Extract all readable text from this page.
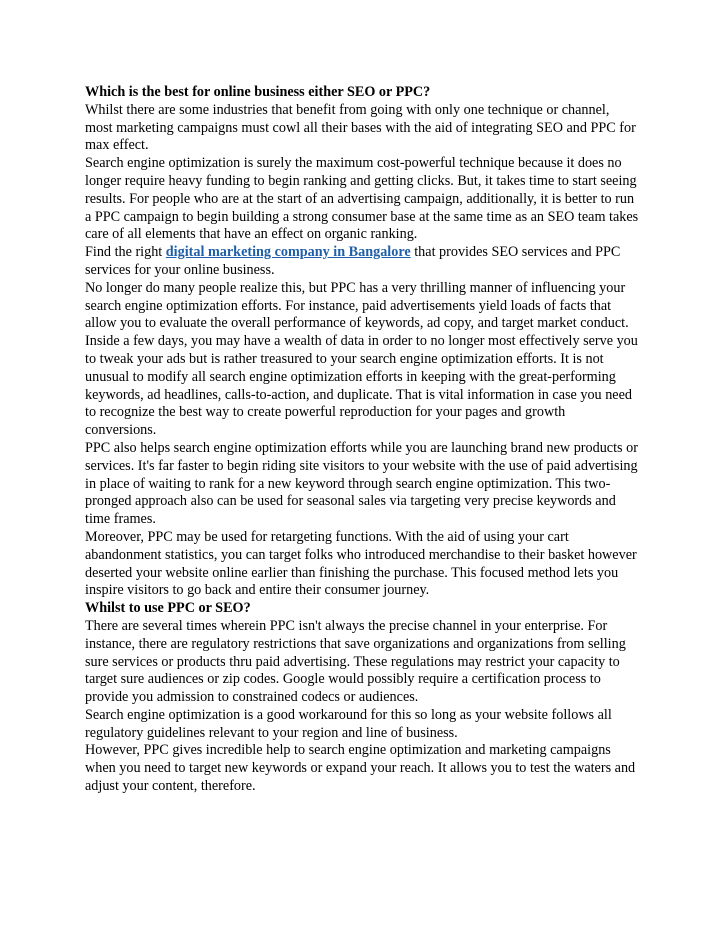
Which is the best for online business either SEO or PPC?

Whilst there are some industries that benefit from going with only one technique or channel, most marketing campaigns must cowl all their bases with the aid of integrating SEO and PPC for max effect.

Search engine optimization is surely the maximum cost-powerful technique because it does no longer require heavy funding to begin ranking and getting clicks. But, it takes time to start seeing results. For people who are at the start of an advertising campaign, additionally, it is better to run a PPC campaign to begin building a strong consumer base at the same time as an SEO team takes care of all elements that have an effect on organic ranking.

Find the right digital marketing company in Bangalore that provides SEO services and PPC services for your online business.

No longer do many people realize this, but PPC has a very thrilling manner of influencing your search engine optimization efforts. For instance, paid advertisements yield loads of facts that allow you to evaluate the overall performance of keywords, ad copy, and target market conduct. Inside a few days, you may have a wealth of data in order to no longer most effectively serve you to tweak your ads but is rather treasured to your search engine optimization efforts. It is not unusual to modify all search engine optimization efforts in keeping with the great-performing keywords, ad headlines, calls-to-action, and duplicate. That is vital information in case you need to recognize the best way to create powerful reproduction for your pages and growth conversions.

PPC also helps search engine optimization efforts while you are launching brand new products or services. It's far faster to begin riding site visitors to your website with the use of paid advertising in place of waiting to rank for a new keyword through search engine optimization. This two-pronged approach also can be used for seasonal sales via targeting very precise keywords and time frames.

Moreover, PPC may be used for retargeting functions. With the aid of using your cart abandonment statistics, you can target folks who introduced merchandise to their basket however deserted your website online earlier than finishing the purchase. This focused method lets you inspire visitors to go back and entire their consumer journey.

Whilst to use PPC or SEO?

There are several times wherein PPC isn't always the precise channel in your enterprise. For instance, there are regulatory restrictions that save organizations and organizations from selling sure services or products thru paid advertising. These regulations may restrict your capacity to target sure audiences or zip codes. Google would possibly require a certification process to provide you admission to constrained codecs or audiences.

Search engine optimization is a good workaround for this so long as your website follows all regulatory guidelines relevant to your region and line of business.

However, PPC gives incredible help to search engine optimization and marketing campaigns when you need to target new keywords or expand your reach. It allows you to test the waters and adjust your content, therefore.
